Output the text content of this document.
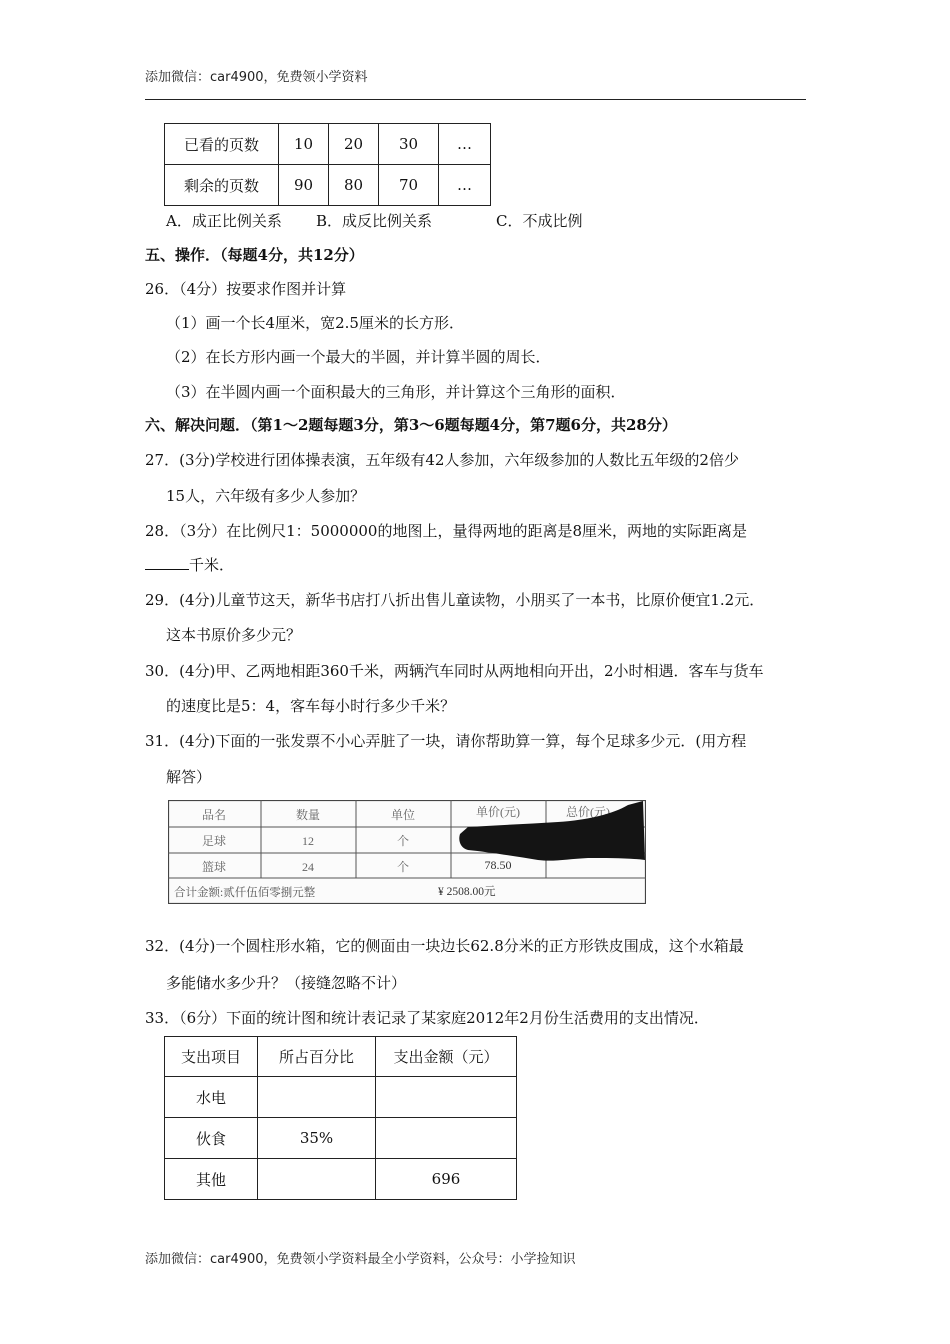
添加微信：car4900，免费领小学资料
已看的页数	10	20	30	…
剩余的页数	90	80	70	…
A．成正比例关系 B．成反比例关系	C．不成比例
五、操作．（每题4分，共12分）
26．（4分）按要求作图并计算
（1）画一个长4厘米，宽2.5厘米的长方形．
（2）在长方形内画一个最大的半圆，并计算半圆的周长．
（3）在半圆内画一个面积最大的三角形，并计算这个三角形的面积．
六、解决问题．（第1～2题每题3分，第3～6题每题4分，第7题6分，共28分）
27．(3分)学校进行团体操表演，五年级有42人参加，六年级参加的人数比五年级的2倍少
15人，六年级有多少人参加？
28．（3分）在比例尺1：5000000的地图上，量得两地的距离是8厘米，两地的实际距离是
千米．
29．(4分)儿童节这天，新华书店打八折出售儿童读物，小朋买了一本书，比原价便宜1.2元．
这本书原价多少元？
30．(4分)甲、乙两地相距360千米，两辆汽车同时从两地相向开出，2小时相遇．客车与货车
的速度比是5：4，客车每小时行多少千米？
31．(4分)下面的一张发票不小心弄脏了一块，请你帮助算一算，每个足球多少元．(用方程
解答）
品名	数量	单位	单价(元)	总价(元)
足球	12	个
篮球	24	个	78.50
合计金额:贰仟伍佰零捌元整	¥ 2508.00元
32．(4分)一个圆柱形水箱，它的侧面由一块边长62.8分米的正方形铁皮围成，这个水箱最
多能储水多少升？（接缝忽略不计）
33．（6分）下面的统计图和统计表记录了某家庭2012年2月份生活费用的支出情况．
支出项目	所占百分比	支出金额（元）
水电		
伙食	35%	
其他		696
添加微信：car4900，免费领小学资料最全小学资料，公众号：小学捡知识
